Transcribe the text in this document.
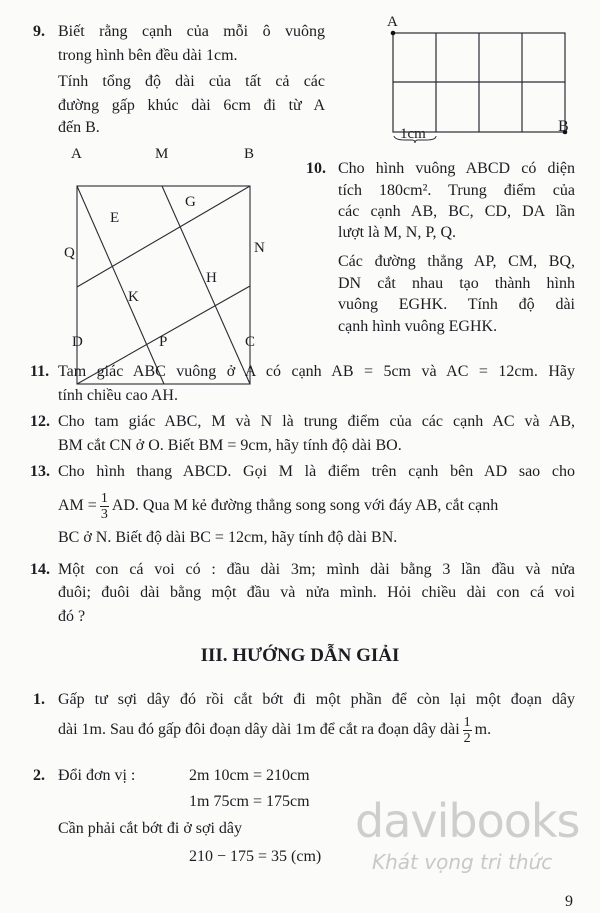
9. Biết rằng cạnh của mỗi ô vuông
trong hình bên đều dài 1cm.
Tính tổng độ dài của tất cả các
đường gấp khúc dài 6cm đi từ A
đến B.
A
B
1cm
A	M	B
Q	N
D	P	C
E
G
H
K
10. Cho hình vuông ABCD có diện
tích 180cm². Trung điểm của
các cạnh AB, BC, CD, DA lần
lượt là M, N, P, Q.
Các đường thẳng AP, CM, BQ,
DN cắt nhau tạo thành hình
vuông EGHK. Tính độ dài
cạnh hình vuông EGHK.
11. Tam giác ABC vuông ở A có cạnh AB = 5cm và AC = 12cm. Hãy
tính chiều cao AH.
12. Cho tam giác ABC, M và N là trung điểm của các cạnh AC và AB,
BM cắt CN ở O. Biết BM = 9cm, hãy tính độ dài BO.
13. Cho hình thang ABCD. Gọi M là điểm trên cạnh bên AD sao cho
AM = $\frac{1}{3}$ AD. Qua M kẻ đường thẳng song song với đáy AB, cắt cạnh
BC ở N. Biết độ dài BC = 12cm, hãy tính độ dài BN.
14. Một con cá voi có : đầu dài 3m; mình dài bằng 3 lần đầu và nửa
đuôi; đuôi dài bằng một đầu và nửa mình. Hỏi chiều dài con cá voi
đó ?
III. HƯỚNG DẪN GIẢI
1. Gấp tư sợi dây đó rồi cắt bớt đi một phần để còn lại một đoạn dây
dài 1m. Sau đó gấp đôi đoạn dây dài 1m để cắt ra đoạn dây dài $\frac{1}{2} m$.
2. Đổi đơn vị :	2m 10cm = 210cm
1m 75cm = 175cm
Cần phải cắt bớt đi ở sợi dây
210 − 175 = 35 (cm)
davibooks
Khát vọng tri thức
9
